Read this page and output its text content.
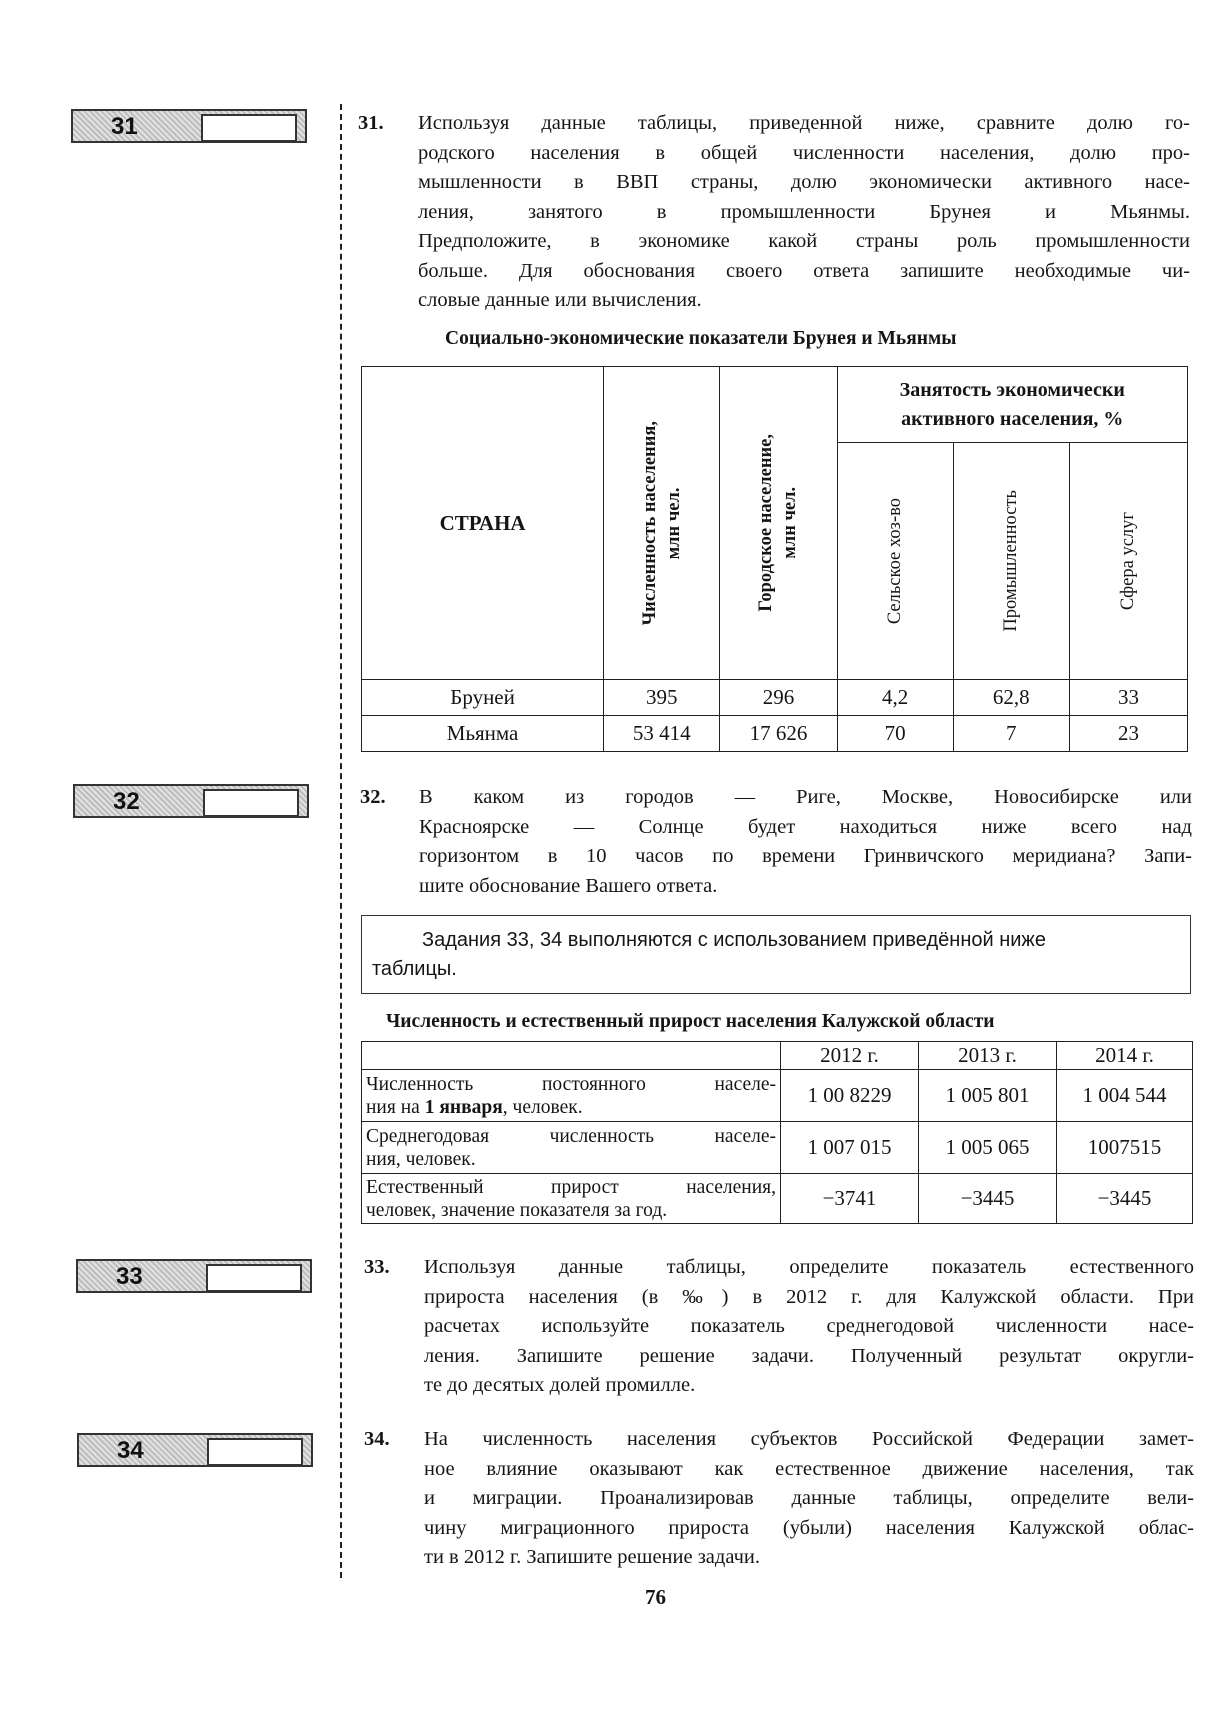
31
32
33
34
31. Используя данные таблицы, приведенной ниже, сравните долю го-
родского населения в общей численности населения, долю про-
мышленности в ВВП страны, долю экономически активного насе-
ления, занятого в промышленности Брунея и Мьянмы.
Предположите, в экономике какой страны роль промышленности
больше. Для обоснования своего ответа запишите необходимые чи-
словые данные или вычисления.
Социально-экономические показатели Брунея и Мьянмы
СТРАНА	Численность населения, млн чел.	Городское население, млн чел.	Занятость экономически
активного населения, %		

			Сельское хоз-во	Промышленность	Сфера услуг

Бруней	395	296	4,2	62,8	33
Мьянма	53 414	17 626	70	7	23
32. В каком из городов — Риге, Москве, Новосибирске или
Красноярске — Солнце будет находиться ниже всего над
горизонтом в 10 часов по времени Гринвичского меридиана? Запи-
шите обоснование Вашего ответа.
Задания 33, 34 выполняются с использованием приведённой ниже
таблицы.
Численность и естественный прирост населения Калужской области
	2012 г.	2013 г.	2014 г.

Численность постоянного населе-
ния на 1 января, человек.	1 00 8229	1 005 801	1 004 544

Среднегодовая численность населе-
ния, человек.	1 007 015	1 005 065	1007515

Естественный прирост населения,
человек, значение показателя за год.	−3741	−3445	−3445
33. Используя данные таблицы, определите показатель естественного
прироста населения (в ‰) в 2012 г. для Калужской области. При
расчетах используйте показатель среднегодовой численности насе-
ления. Запишите решение задачи. Полученный результат округли-
те до десятых долей промилле.
34. На численность населения субъектов Российской Федерации замет-
ное влияние оказывают как естественное движение населения, так
и миграции. Проанализировав данные таблицы, определите вели-
чину миграционного прироста (убыли) населения Калужской облас-
ти в 2012 г. Запишите решение задачи.
76
